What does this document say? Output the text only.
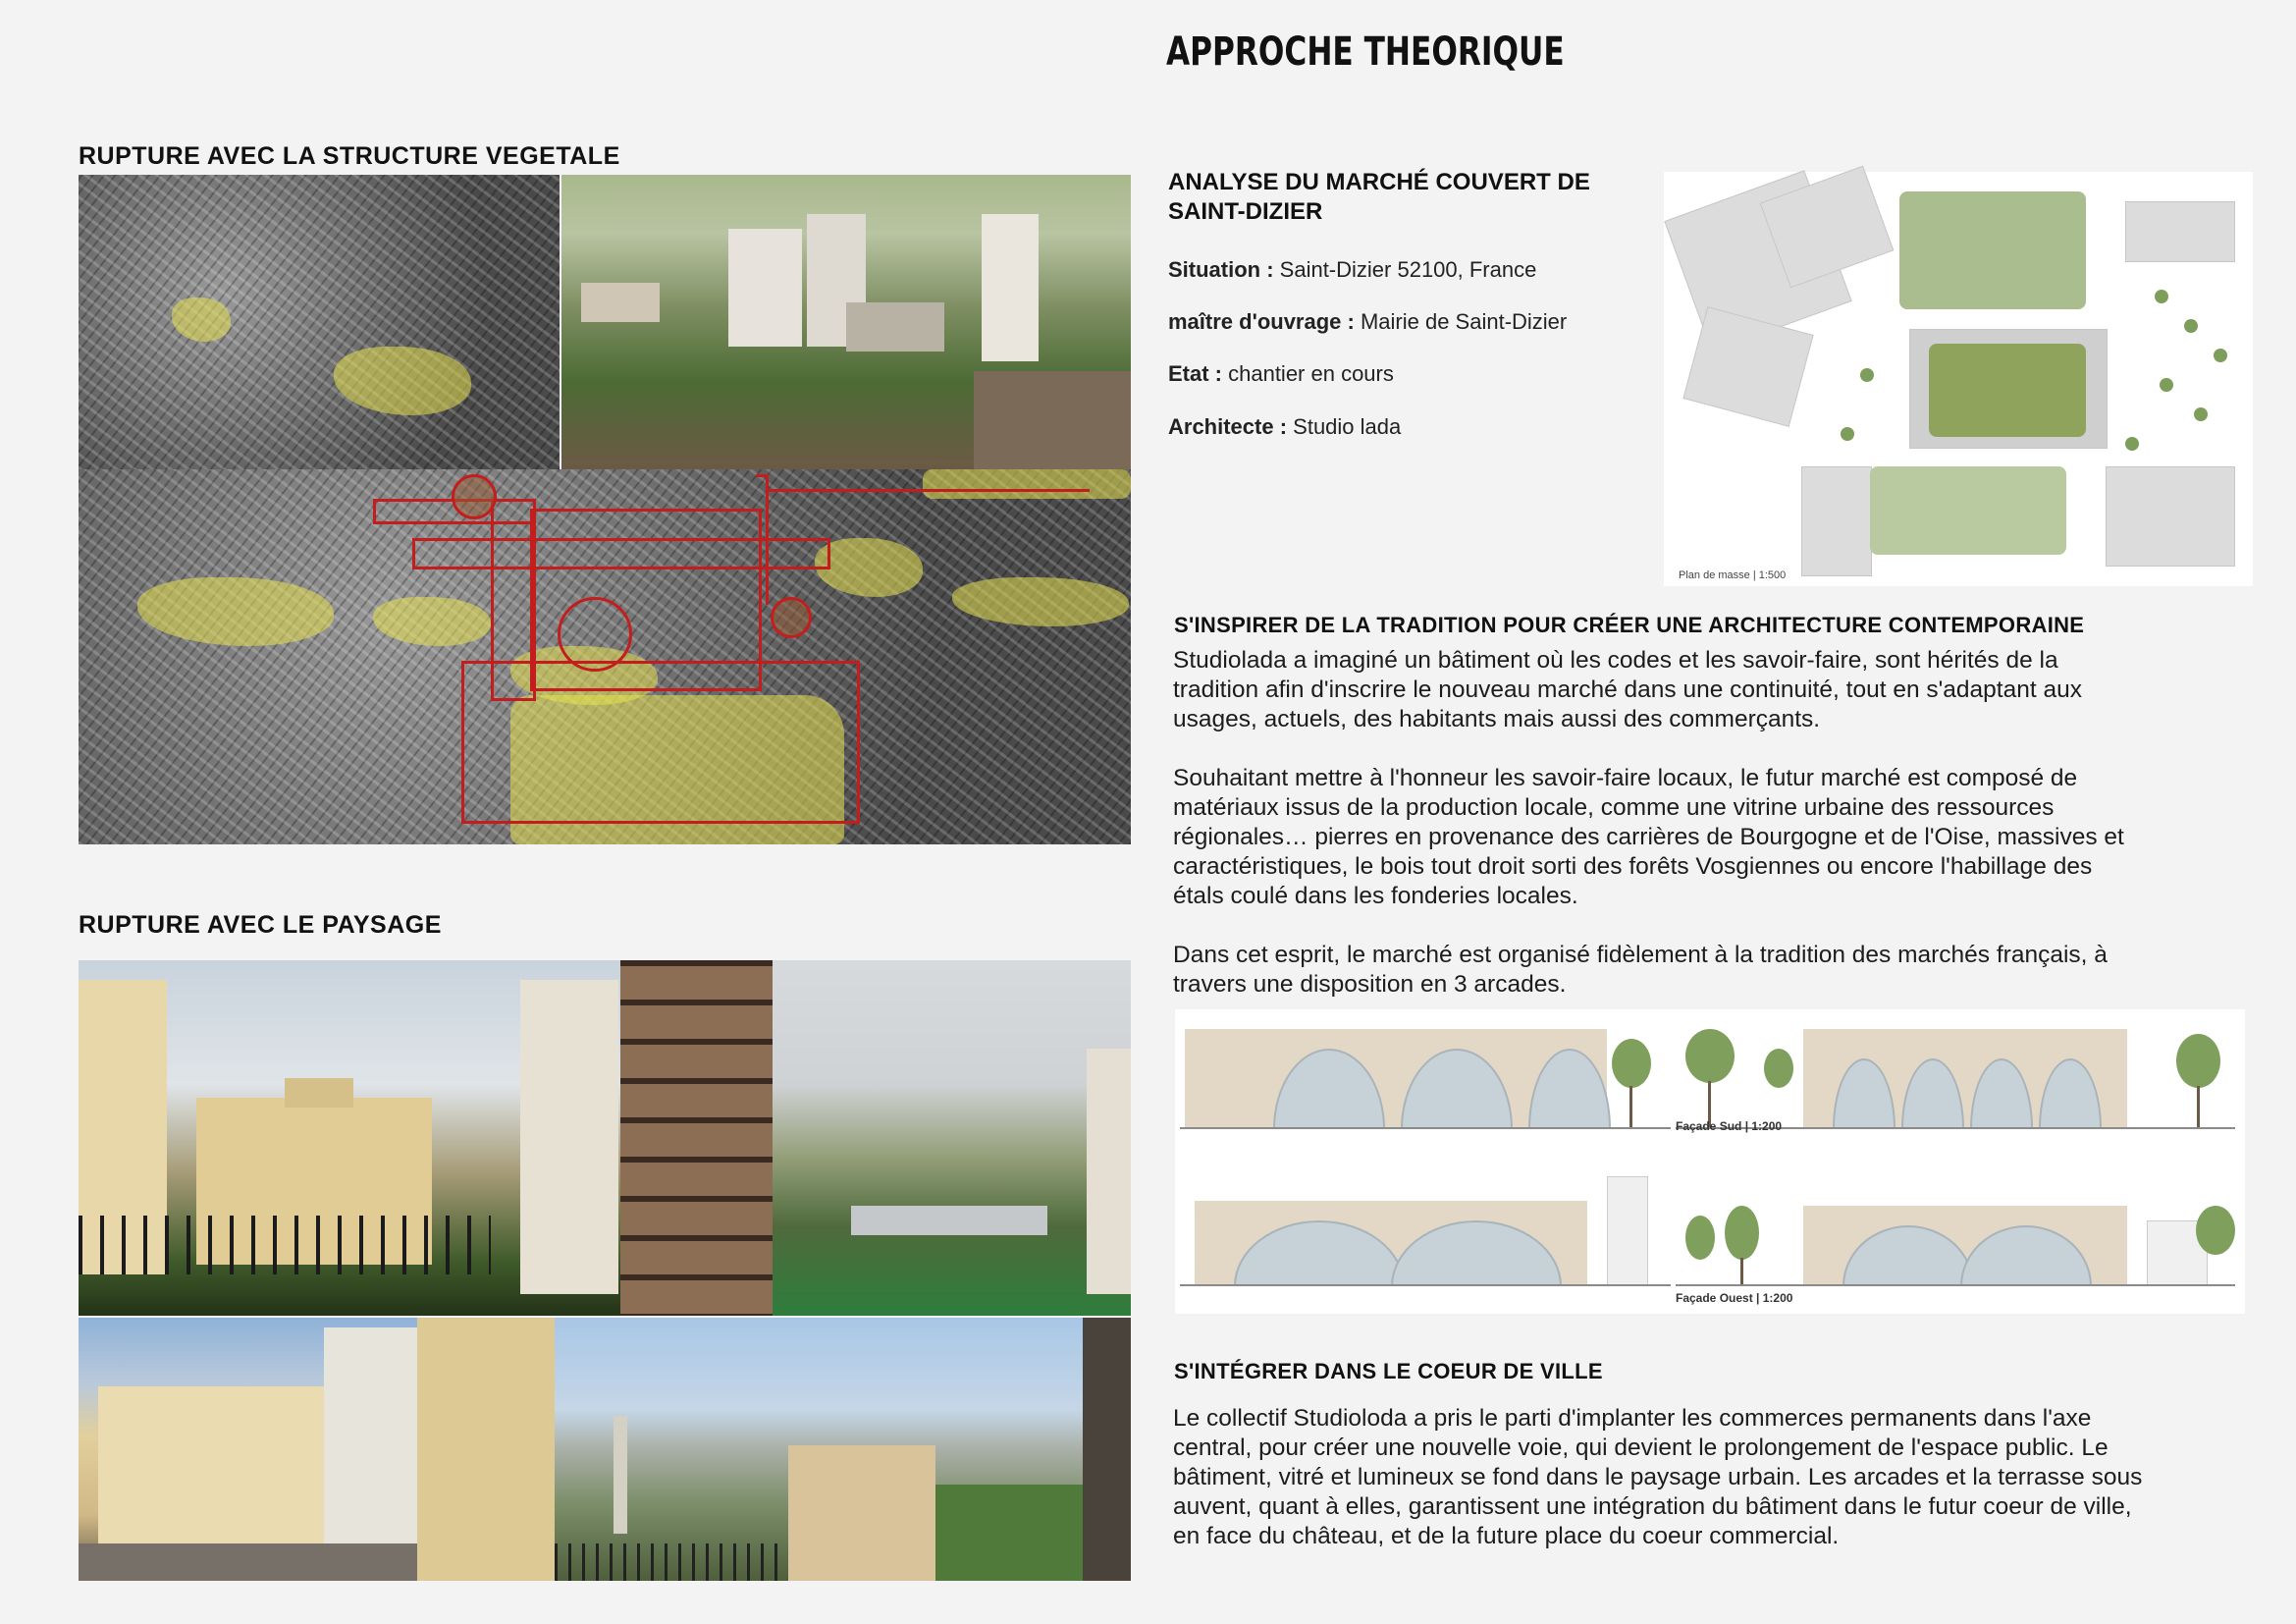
APPROCHE THEORIQUE
RUPTURE AVEC LA STRUCTURE VEGETALE
RUPTURE AVEC LE PAYSAGE
ANALYSE DU MARCHÉ COUVERT DE
SAINT-DIZIER
Situation : Saint-Dizier 52100, France
maître d'ouvrage : Mairie de Saint-Dizier
Etat : chantier en cours
Architecte : Studio lada
Plan de masse | 1:500
S'INSPIRER DE LA TRADITION POUR CRÉER UNE ARCHITECTURE CONTEMPORAINE
Studiolada a imaginé un bâtiment où les codes et les savoir-faire, sont hérités de la
tradition afin d'inscrire le nouveau marché dans une continuité, tout en s'adaptant aux
usages, actuels, des habitants mais aussi des commerçants.
Souhaitant mettre à l'honneur les savoir-faire locaux, le futur marché est composé de
matériaux issus de la production locale, comme une vitrine urbaine des ressources
régionales… pierres en provenance des carrières de Bourgogne et de l'Oise, massives et
caractéristiques, le bois tout droit sorti des forêts Vosgiennes ou encore l'habillage des
étals coulé dans les fonderies locales.
Dans cet esprit, le marché est organisé fidèlement à la tradition des marchés français, à
travers une disposition en 3 arcades.
Façade Sud | 1:200
Façade Ouest | 1:200
S'INTÉGRER DANS LE COEUR DE VILLE
Le collectif Studioloda a pris le parti d'implanter les commerces permanents dans l'axe
central, pour créer une nouvelle voie, qui devient le prolongement de l'espace public. Le
bâtiment, vitré et lumineux se fond dans le paysage urbain. Les arcades et la terrasse sous
auvent, quant à elles, garantissent une intégration du bâtiment dans le futur coeur de ville,
en face du château, et de la future place du coeur commercial.
